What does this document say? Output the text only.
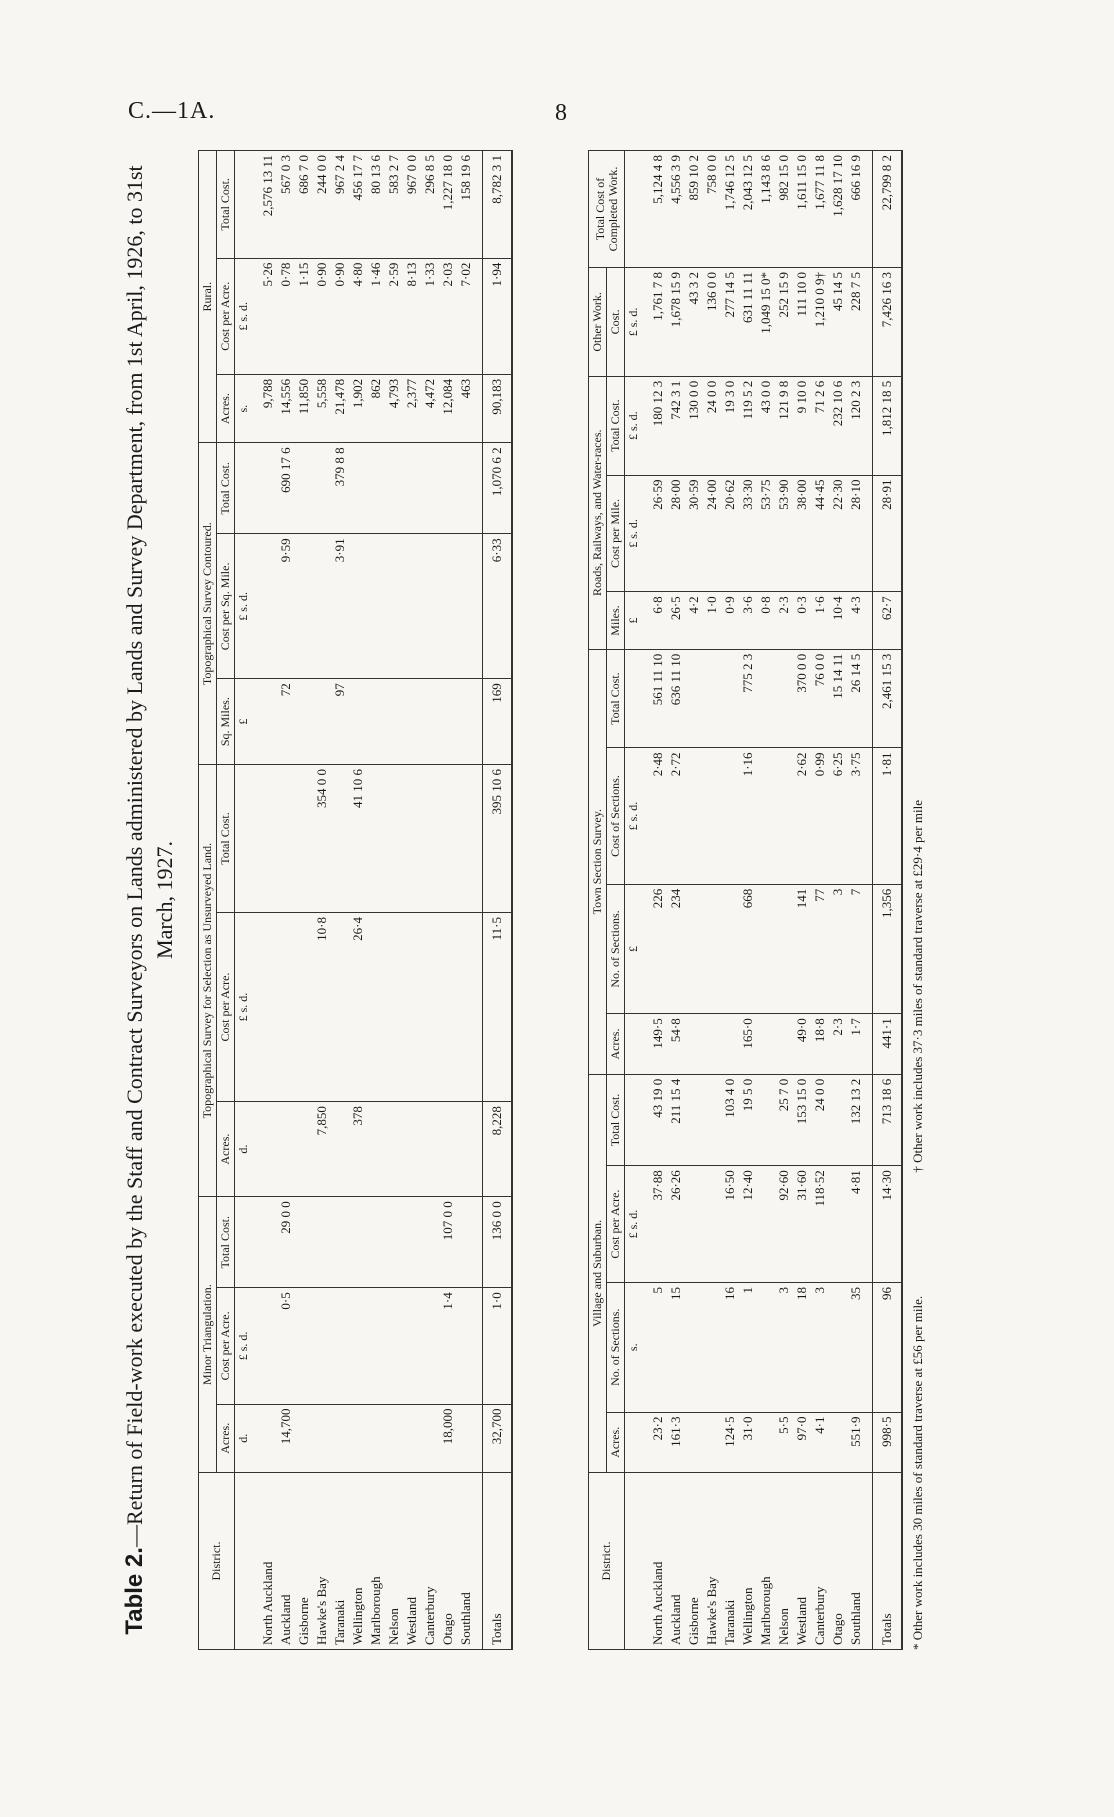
C.—1A.	8
Table 2.—Return of Field-work executed by the Staff and Contract Surveyors on Lands administered by Lands and Survey Department, from 1st April, 1926, to 31st March, 1927.
District.	Minor Triangulation.			Topographical Survey for Selection as Unsurveyed Land.			Topographical Survey Contoured.			Rural.		
	Acres.	Cost per Acre.	Total Cost.	Acres.	Cost per Acre.	Total Cost.	Sq. Miles.	Cost per Sq. Mile.	Total Cost.	Acres.	Cost per Acre.	Total Cost.
	d.	£ s. d.		d.	£ s. d.		£	£ s. d.		s.	£ s. d.	
North Auckland										9,788	5·26	2,576 13 11
Auckland	14,700	0·5	29 0 0				72	9·59	690 17 6	14,556	0·78	567 0 3
Gisborne										11,850	1·15	686 7 0
Hawke's Bay				7,850	10·8	354 0 0				5,558	0·90	244 0 0
Taranaki							97	3·91	379 8 8	21,478	0·90	967 2 4
Wellington				378	26·4	41 10 6				1,902	4·80	456 17 7
Marlborough										862	1·46	80 13 6
Nelson										4,793	2·59	583 2 7
Westland										2,377	8·13	967 0 0
Canterbury										4,472	1·33	296 8 5
Otago	18,000	1·4	107 0 0							12,084	2·03	1,227 18 0
Southland										463	7·02	158 19 6
Totals	32,700	1·0	136 0 0	8,228	11·5	395 10 6	169	6·33	1,070 6 2	90,183	1·94	8,782 3 1
District.	Village and Suburban.				Town Section Survey.				Roads, Railways, and Water-races.			Other Work.	Total Cost of Completed Work.
	Acres.	No. of Sections.	Cost per Acre.	Total Cost.	Acres.	No. of Sections.	Cost of Sections.	Total Cost.	Miles.	Cost per Mile.	Total Cost.	Cost.	
		s.	£ s. d.			£	£ s. d.		£	£ s. d.	£ s. d.	£ s. d.	
North Auckland	23·2	5	37·88	43 19 0	149·5	226	2·48	561 11 10	6·8	26·59	180 12 3	1,761 7 8	5,124 4 8
Auckland	161·3	15	26·26	211 15 4	54·8	234	2·72	636 11 10	26·5	28·00	742 3 1	1,678 15 9	4,556 3 9
Gisborne									4·2	30·59	130 0 0	43 3 2	859 10 2
Hawke's Bay									1·0	24·00	24 0 0	136 0 0	758 0 0
Taranaki	124·5	16	16·50	103 4 0					0·9	20·62	19 3 0	277 14 5	1,746 12 5
Wellington	31·0	1	12·40	19 5 0	165·0	668	1·16	775 2 3	3·6	33·30	119 5 2	631 11 11	2,043 12 5
Marlborough									0·8	53·75	43 0 0	1,049 15 0*	1,143 8 6
Nelson	5·5	3	92·60	25 7 0					2·3	53·90	121 9 8	252 15 9	982 15 0
Westland	97·0	18	31·60	153 15 0	49·0	141	2·62	370 0 0	0·3	38·00	9 10 0	111 10 0	1,611 15 0
Canterbury	4·1	3	118·52	24 0 0	18·8	77	0·99	76 0 0	1·6	44·45	71 2 6	1,210 0 9†	1,677 11 8
Otago					2·3	3	6·25	15 14 11	10·4	22·30	232 10 6	45 14 5	1,628 17 10
Southland	551·9	35	4·81	132 13 2	1·7	7	3·75	26 14 5	4·3	28·10	120 2 3	228 7 5	666 16 9
Totals	998·5	96	14·30	713 18 6	441·1	1,356	1·81	2,461 15 3	62·7	28·91	1,812 18 5	7,426 16 3	22,799 8 2
* Other work includes 30 miles of standard traverse at £56 per mile. † Other work includes 37·3 miles of standard traverse at £29·4 per mile
